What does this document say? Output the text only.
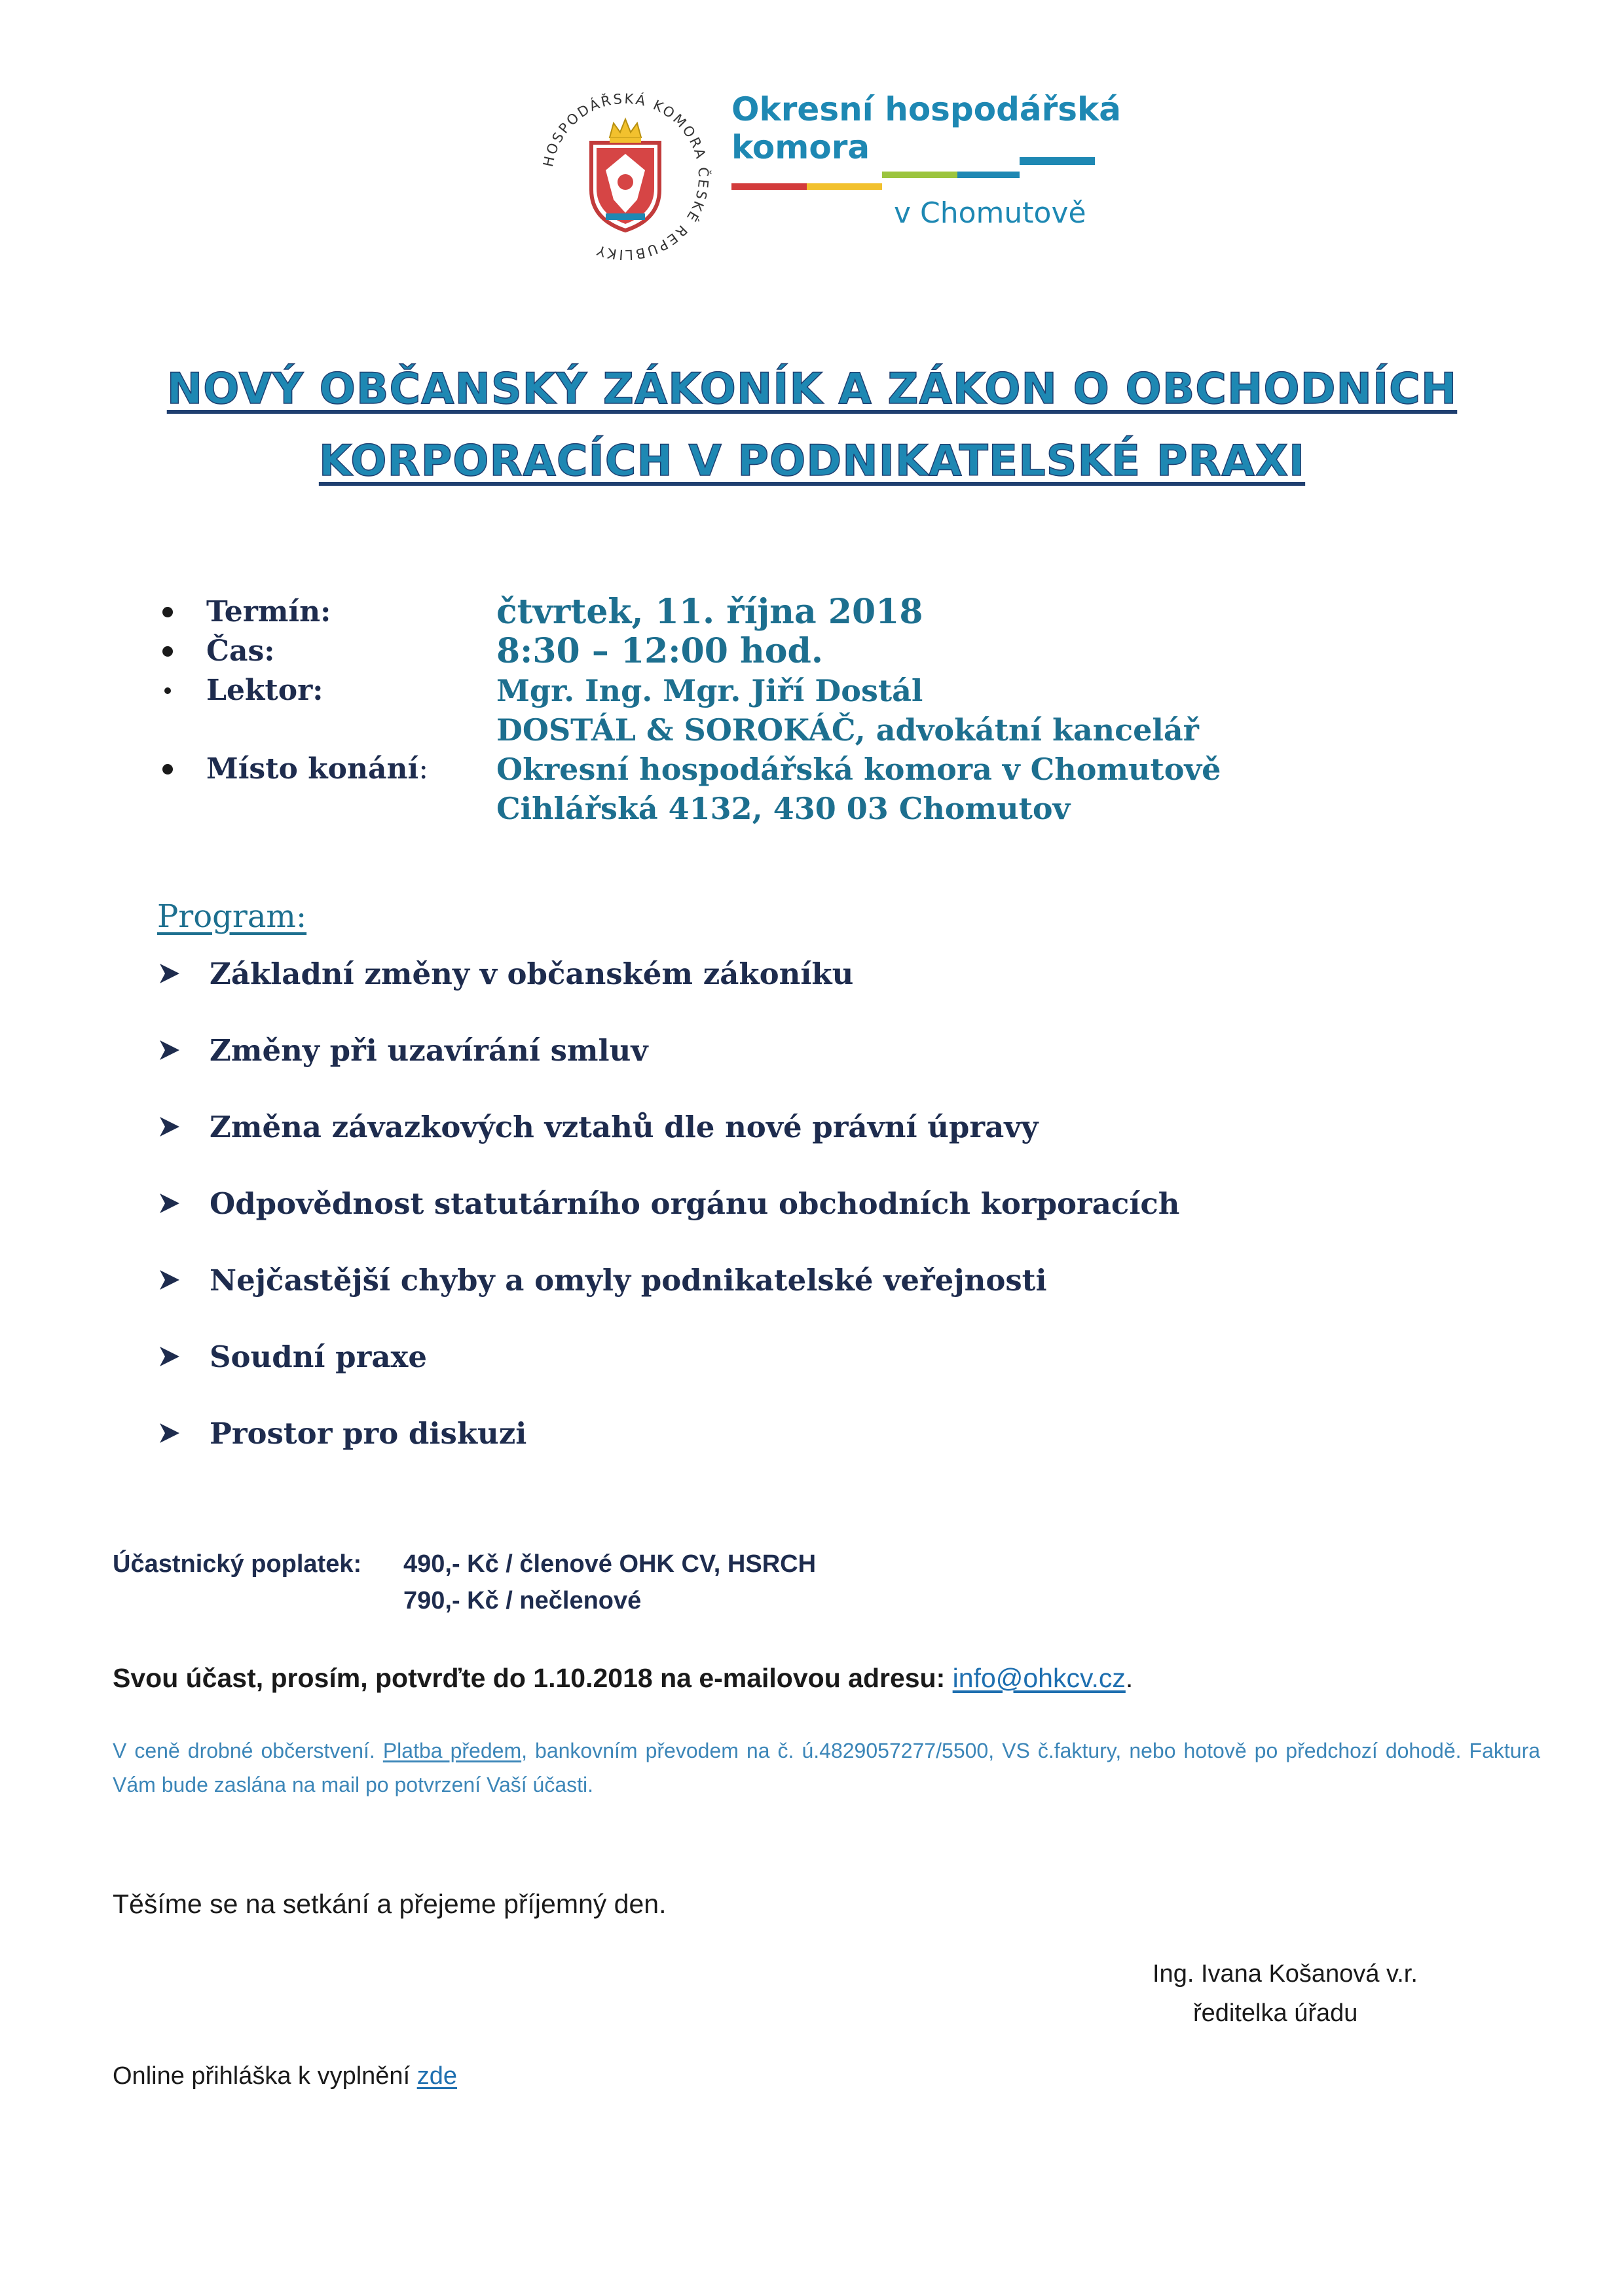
HOSPODÁŘSKÁ KOMORA ČESKÉ REPUBLIKY
Okresní hospodářská
komora
v Chomutově
NOVÝ OBČANSKÝ ZÁKONÍK A ZÁKON O OBCHODNÍCH
KORPORACÍCH V PODNIKATELSKÉ PRAXI
Termín:	čtvrtek, 11. října 2018
Čas:	8:30 – 12:00 hod.
Lektor:	Mgr. Ing. Mgr. Jiří Dostál
DOSTÁL & SOROKÁČ, advokátní kancelář
Místo konání: Okresní hospodářská komora v Chomutově
Cihlářská 4132, 430 03 Chomutov
Program:
Základní změny v občanském zákoníku
Změny při uzavírání smluv
Změna závazkových vztahů dle nové právní úpravy
Odpovědnost statutárního orgánu obchodních korporacích
Nejčastější chyby a omyly podnikatelské veřejnosti
Soudní praxe
Prostor pro diskuzi
Účastnický poplatek: 490,- Kč / členové OHK CV, HSRCH
790,- Kč / nečlenové
Svou účast, prosím, potvrďte do 1.10.2018 na e-mailovou adresu: info@ohkcv.cz.
V ceně drobné občerstvení. Platba předem, bankovním převodem na č. ú.4829057277/5500, VS č.faktury, nebo hotově po předchozí dohodě. Faktura Vám bude zaslána na mail po potvrzení Vaší účasti.
Těšíme se na setkání a přejeme příjemný den.
Ing. Ivana Košanová v.r.
ředitelka úřadu
Online přihláška k vyplnění zde
